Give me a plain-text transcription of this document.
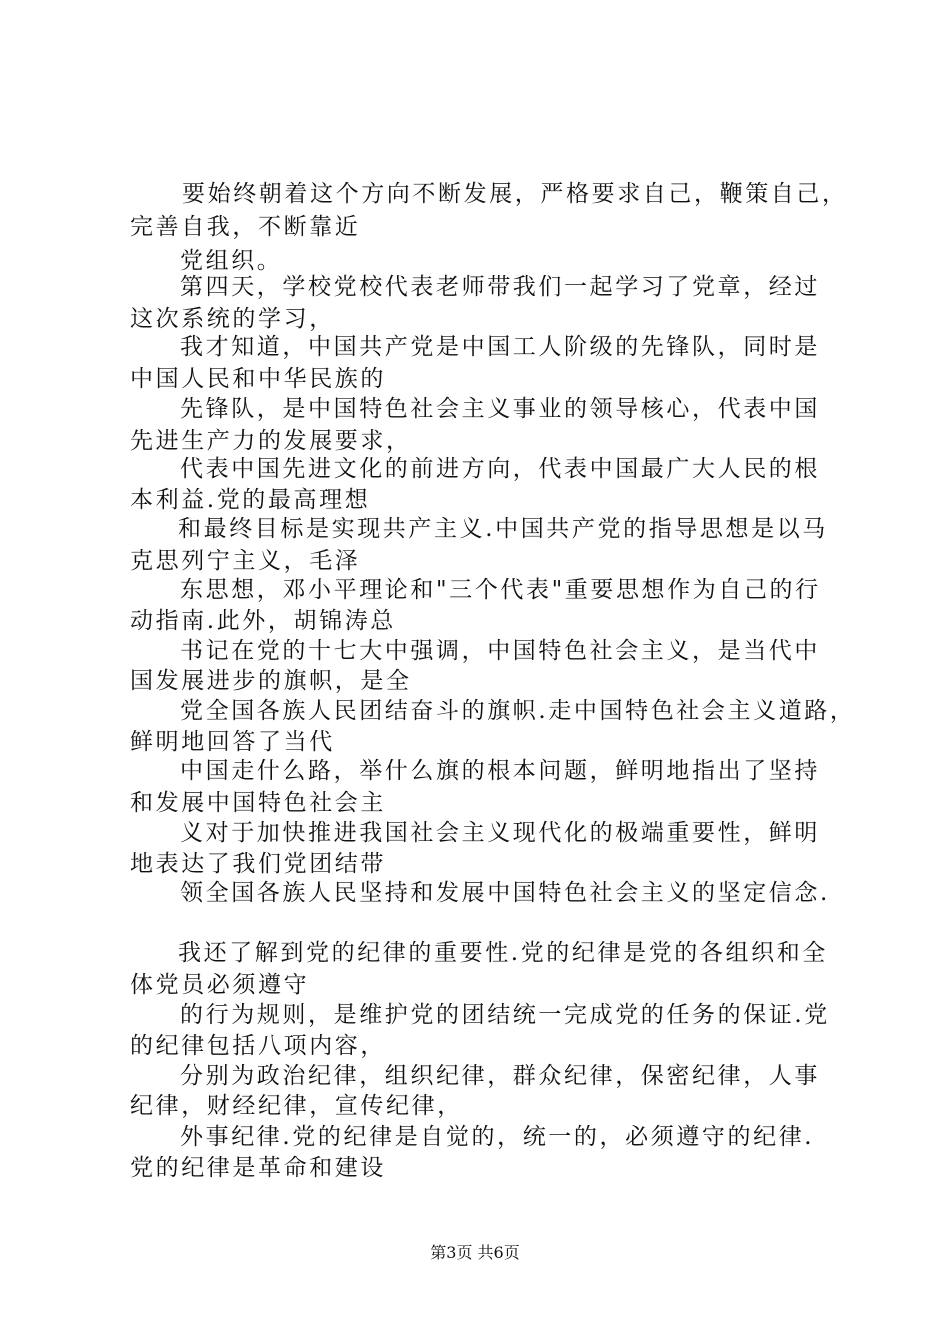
要始终朝着这个方向不断发展，严格要求自己，鞭策自己，
完善自我，不断靠近
党组织。
第四天，学校党校代表老师带我们一起学习了党章，经过
这次系统的学习，
我才知道，中国共产党是中国工人阶级的先锋队，同时是
中国人民和中华民族的
先锋队，是中国特色社会主义事业的领导核心，代表中国
先进生产力的发展要求，
代表中国先进文化的前进方向，代表中国最广大人民的根
本利益.党的最高理想
和最终目标是实现共产主义.中国共产党的指导思想是以马
克思列宁主义，毛泽
东思想，邓小平理论和"三个代表"重要思想作为自己的行
动指南.此外，胡锦涛总
书记在党的十七大中强调，中国特色社会主义，是当代中
国发展进步的旗帜，是全
党全国各族人民团结奋斗的旗帜.走中国特色社会主义道路，
鲜明地回答了当代
中国走什么路，举什么旗的根本问题，鲜明地指出了坚持
和发展中国特色社会主
义对于加快推进我国社会主义现代化的极端重要性，鲜明
地表达了我们党团结带
领全国各族人民坚持和发展中国特色社会主义的坚定信念.
我还了解到党的纪律的重要性.党的纪律是党的各组织和全
体党员必须遵守
的行为规则，是维护党的团结统一完成党的任务的保证.党
的纪律包括八项内容，
分别为政治纪律，组织纪律，群众纪律，保密纪律，人事
纪律，财经纪律，宣传纪律，
外事纪律.党的纪律是自觉的，统一的，必须遵守的纪律.
党的纪律是革命和建设
第3页 共6页
